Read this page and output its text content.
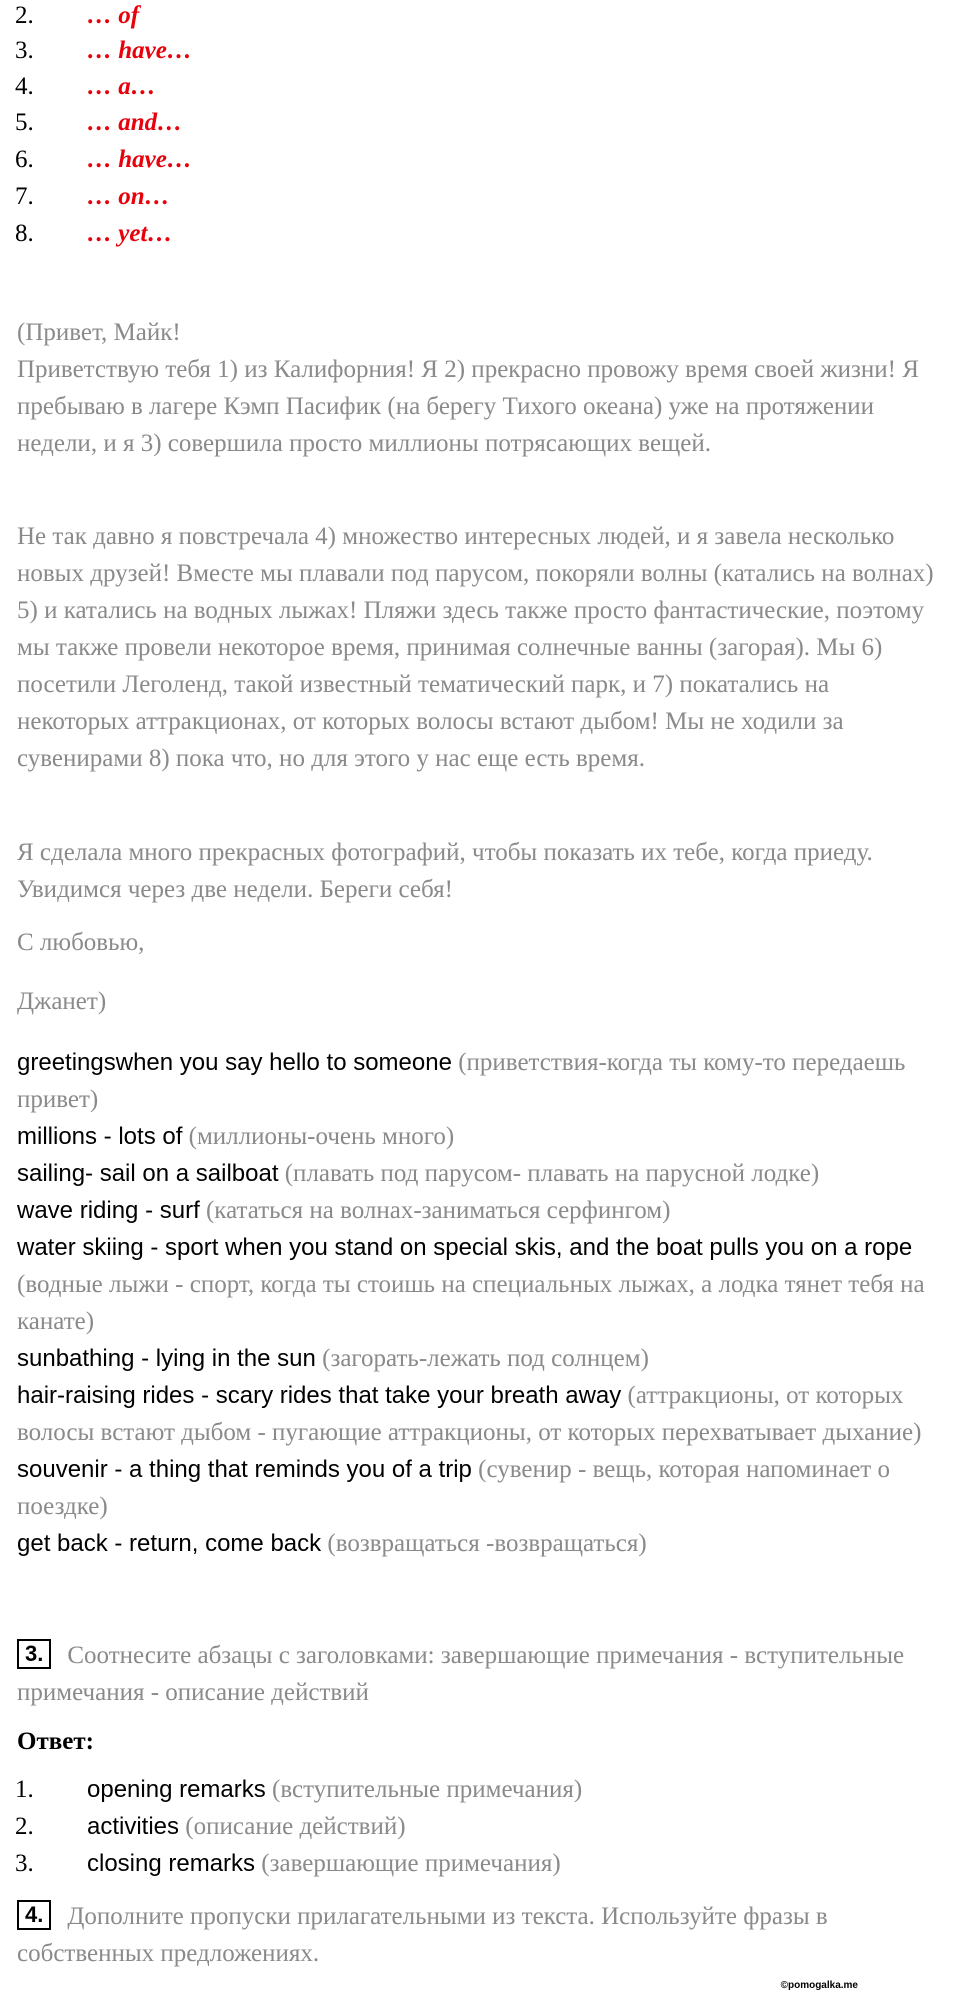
2. … of
3. … have…
4. … a…
5. … and…
6. … have…
7. … on…
8. … yet…
(Привет, Майк!
Приветствую тебя 1) из Калифорния! Я 2) прекрасно провожу время своей жизни! Я пребываю в лагере Кэмп Пасифик (на берегу Тихого океана) уже на протяжении недели, и я 3) совершила просто миллионы потрясающих вещей.
Не так давно я повстречала 4) множество интересных людей, и я завела несколько новых друзей! Вместе мы плавали под парусом, покоряли волны (катались на волнах) 5) и катались на водных лыжах! Пляжи здесь также просто фантастические, поэтому мы также провели некоторое время, принимая солнечные ванны (загорая). Мы 6) посетили Леголенд, такой известный тематический парк, и 7) покатались на некоторых аттракционах, от которых волосы встают дыбом! Мы не ходили за сувенирами 8) пока что, но для этого у нас еще есть время.
Я сделала много прекрасных фотографий, чтобы показать их тебе, когда приеду. Увидимся через две недели. Береги себя!
С любовью,
Джанет)
greetingswhen you say hello to someone (приветствия-когда ты кому-то передаешь привет)
millions - lots of (миллионы-очень много)
sailing- sail on a sailboat (плавать под парусом- плавать на парусной лодке)
wave riding - surf (кататься на волнах-заниматься серфингом)
water skiing - sport when you stand on special skis, and the boat pulls you on a rope (водные лыжи - спорт, когда ты стоишь на специальных лыжах, а лодка тянет тебя на канате)
sunbathing - lying in the sun (загорать-лежать под солнцем)
hair-raising rides - scary rides that take your breath away (аттракционы, от которых волосы встают дыбом - пугающие аттракционы, от которых перехватывает дыхание)
souvenir - a thing that reminds you of a trip (сувенир - вещь, которая напоминает о поездке)
get back - return, come back (возвращаться -возвращаться)
3. Соотнесите абзацы с заголовками: завершающие примечания - вступительные примечания - описание действий
Ответ:
1. opening remarks (вступительные примечания)
2. activities (описание действий)
3. closing remarks (завершающие примечания)
4. Дополните пропуски прилагательными из текста. Используйте фразы в собственных предложениях.
©pomogalka.me
